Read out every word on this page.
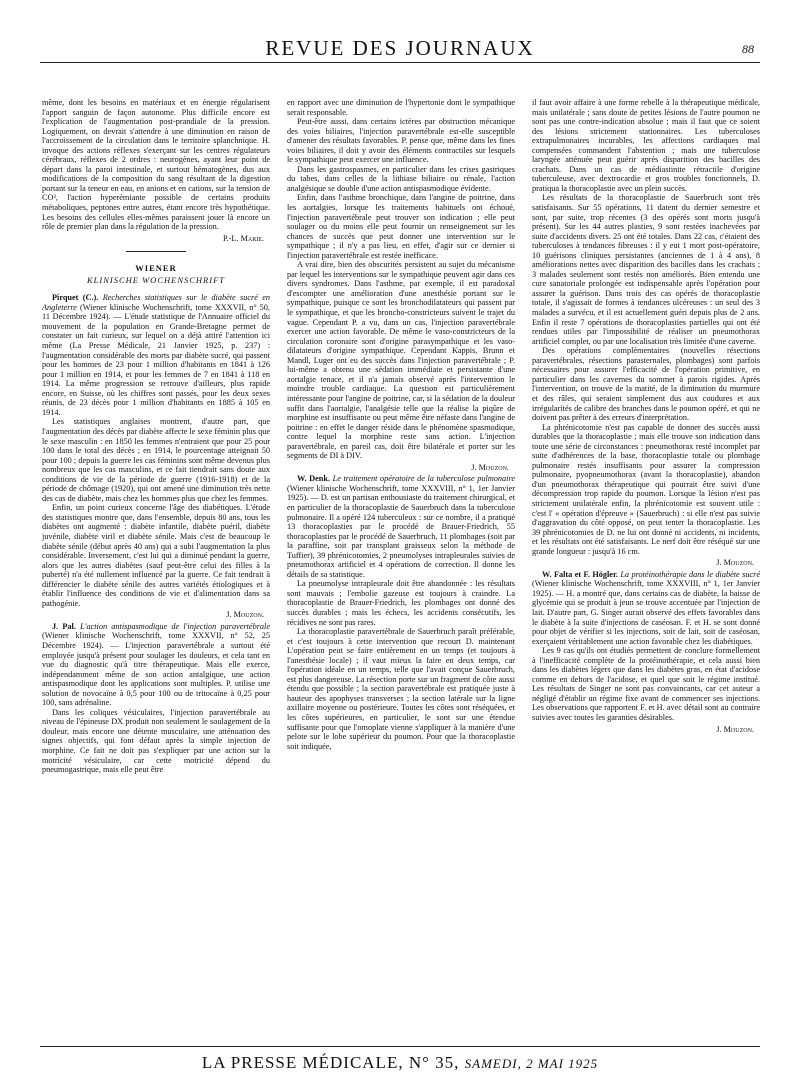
REVUE DES JOURNAUX	88

même, dont les besoins en matériaux et en énergie régularisent l'apport sanguin de façon autonome. Plus difficile encore est l'explication de l'augmentation post-prandiale de la pression. Logiquement, on devrait s'attendre à une diminution en raison de l'accroissement de la circulation dans le territoire splanchnique. H. invoque des actions réflexes s'exerçant sur les centres régulateurs cérébraux, réflexes de 2 ordres : neurogènes, ayant leur point de départ dans la paroi intestinale, et surtout hématogènes, dus aux modifications de la composition du sang résultant de la digestion portant sur la teneur en eau, en anions et en cations, sur la tension de CO², l'action hyperémiante possible de certains produits métaboliques, peptones entre autres, étant encore très hypothétique. Les besoins des cellules elles-mêmes paraissent jouer là encore un rôle de premier plan dans la régulation de la pression.

P.-L. Marie.
WIENER
KLINISCHE WOCHENSCHRIFT

Pirquet (C.). Recherches statistiques sur le diabète sucré en Angleterre (Wiener klinische Wochenschrift, tome XXXVII, n° 50, 11 Décembre 1924). — L'étude statistique de l'Annuaire officiel du mouvement de la population en Grande-Bretagne permet de constater un fait curieux, sur lequel on a déjà attiré l'attention ici même (La Presse Médicale, 21 Janvier 1925, p. 237) : l'augmentation considérable des morts par diabète sucré, qui passent pour les hommes de 23 pour 1 million d'habitants en 1841 à 126 pour 1 million en 1914, et pour les femmes de 7 en 1841 à 118 en 1914. La même progression se retrouve d'ailleurs, plus rapide encore, en Suisse, où les chiffres sont passés, pour les deux sexes réunis, de 23 décès pour 1 million d'habitants en 1885 à 105 en 1914.

Les statistiques anglaises montrent, d'autre part, que l'augmentation des décès par diabète affecte le sexe féminin plus que le sexe masculin : en 1850 les femmes n'entraient que pour 25 pour 100 dans le total des décès ; en 1914, le pourcentage atteignait 50 pour 100 ; depuis la guerre les cas féminins sont même devenus plus nombreux que les cas masculins, et ce fait tiendrait sans doute aux conditions de vie de la période de guerre (1916-1918) et de la période de chômage (1920), qui ont amené une diminution très nette des cas de diabète, mais chez les hommes plus que chez les femmes.

Enfin, un point curieux concerne l'âge des diabétiques. L'étude des statistiques montre que, dans l'ensemble, depuis 80 ans, tous les diabètes ont augmenté : diabète infantile, diabète puéril, diabète juvénile, diabète viril et diabète sénile. Mais c'est de beaucoup le diabète sénile (début après 40 ans) qui a subi l'augmentation la plus considérable. Inversement, c'est lui qui a diminué pendant la guerre, alors que les autres diabètes (sauf peut-être celui des filles à la puberté) n'a été nullement influencé par la guerre. Ce fait tendrait à différencier le diabète sénile des autres variétés étiologiques et à établir l'influence des conditions de vie et d'alimentation dans sa pathogénie.

J. Mouzon.

J. Pal. L'action antispasmodique de l'injection paravertébrale (Wiener klinische Wochenschrift, tome XXXVII, n° 52, 25 Décembre 1924). — L'injection paravertébrale a surtout été employée jusqu'à présent pour soulager les douleurs, et cela tant en vue du diagnostic qu'à titre thérapeutique. Mais elle exerce, indépendamment même de son action antalgique, une action antispasmodique dont les applications sont multiples. P. utilise une solution de novocaïne à 0,5 pour 100 ou de tritocaïne à 0,25 pour 100, sans adrénaline.

Dans les coliques vésiculaires, l'injection paravertébrale au niveau de l'épineuse DX produit non seulement le soulagement de la douleur, mais encore une détente musculaire, une atténuation des signes objectifs, qui font défaut après la simple injection de morphine. Ce fait ne doit pas s'expliquer par une action sur la motricité vésiculaire, car cette motricité dépend du pneumogastrique, mais elle peut être

en rapport avec une diminution de l'hypertonie dont le sympathique serait responsable.

Peut-être aussi, dans certains ictères par obstruction mécanique des voies biliaires, l'injection paravertébrale est-elle susceptible d'amener des résultats favorables. P. pense que, même dans les fines voies biliaires, il doit y avoir des éléments contractiles sur lesquels le sympathique peut exercer une influence.

Dans les gastrospasmes, en particulier dans les crises gastriques du tabes, dans celles de la lithiase biliaire ou rénale, l'action analgésique se double d'une action antispasmodique évidente.

Enfin, dans l'asthme bronchique, dans l'angine de poitrine, dans les aortalgies, lorsque les traitements habituels ont échoué, l'injection paravertébrale peut trouver son indication ; elle peut soulager ou du moins elle peut fournir un renseignement sur les chances de succès que peut donner une intervention sur le sympathique ; il n'y a pas lieu, en effet, d'agir sur ce dernier si l'injection paravertébrale est restée inefficace.

A vrai dire, bien des obscurités persistent au sujet du mécanisme par lequel les interventions sur le sympathique peuvent agir dans ces divers syndromes. Dans l'asthme, par exemple, il est paradoxal d'escompter une amélioration d'une anesthésie portant sur le sympathique, puisque ce sont les bronchodilatateurs qui passent par le sympathique, et que les broncho-constricteurs suivent le trajet du vague. Cependant P. a vu, dans un cas, l'injection paravertébrale exercer une action favorable. De même le vaso-constricteurs de la circulation coronaire sont d'origine parasympathique et les vaso-dilatateurs d'origine sympathique. Cependant Kappis, Brunn et Mandl, Luger ont eu des succès dans l'injection paravertébrale ; P. lui-même a obtenu une sédation immédiate et persistante d'une aortalgie tenace, et il n'a jamais observé après l'intervention le moindre trouble cardiaque. La question est particulièrement intéressante pour l'angine de poitrine, car, si la sédation de la douleur suffit dans l'aortalgie, l'analgésie telle que la réalise la piqûre de morphine est insuffisante ou peut même être néfaste dans l'angine de poitrine : en effet le danger réside dans le phénomène spasmodique, contre lequel la morphine reste sans action. L'injection paravertébrale, en pareil cas, doit être bilatérale et porter sur les segments de DI à DIV.

J. Mouzon.

W. Denk. Le traitement opératoire de la tuberculose pulmonaire (Wiener klinische Wochenschrift, tome XXXVIII, n° 1, 1er Janvier 1925). — D. est un partisan enthousiaste du traitement chirurgical, et en particulier de la thoracoplastie de Sauerbruch dans la tuberculose pulmonaire. Il a opéré 124 tuberculeux : sur ce nombre, il a pratiqué 13 thoracoplasties par le procédé de Brauer-Friedrich, 55 thoracoplasties par le procédé de Sauerbruch, 11 plombages (soit par la paraffine, soit par transplant graisseux selon la méthode de Tuffier), 39 phrénicotomies, 2 pneumolyses intrapleurales suivies de pneumothorax artificiel et 4 opérations de correction. Il donne les détails de sa statistique.

La pneumolyse intrapleurale doit être abandonnée : les résultats sont mauvais ; l'embolie gazeuse est toujours à craindre. La thoracoplastie de Brauer-Friedrich, les plombages ont donné des succès durables ; mais les échecs, les accidents consécutifs, les récidives ne sont pas rares.

La thoracoplastie paravertébrale de Sauerbruch paraît préférable, et c'est toujours à cette intervention que recourt D. maintenant L'opération peut se faire entièrement en un temps (et toujours à l'anesthésie locale) ; il vaut mieux la faire en deux temps, car l'opération idéale en un temps, telle que l'avait conçue Sauerbruch, est plus dangereuse. La résection porte sur un fragment de côte aussi étendu que possible ; la section paravertébrale est pratiquée juste à hauteur des apophyses transverses ; la section latérale sur la ligne axillaire moyenne ou postérieure. Toutes les côtes sont réséquées, et les côtes supérieures, en particulier, le sont sur une étendue suffisante pour que l'omoplate vienne s'appliquer à la manière d'une pelote sur le lobe supérieur du poumon. Pour que la thoracoplastie soit indiquée,

il faut avoir affaire à une forme rebelle à la thérapeutique médicale, mais unilatérale ; sans doute de petites lésions de l'autre poumon ne sont pas une contre-indication absolue ; mais il faut que ce soient des lésions strictement stationnaires. Les tuberculoses extrapulmonaires incurables, les affections cardiaques mal compensées commandent l'abstention ; mais une tuberculose laryngée atténuée peut guérir après disparition des bacilles des crachats. Dans un cas de médiastinite rétractile d'origine tuberculeuse, avec dextrocardie et gros troubles fonctionnels, D. pratiqua la thoracoplastie avec un plein succès.

Les résultats de la thoracoplastie de Sauerbruch sont très satisfaisants. Sur 55 opérations, 11 datent du dernier semestre et sont, par suite, trop récentes (3 des opérés sont morts jusqu'à présent). Sur les 44 autres plasties, 9 sont restées inachevées par suite d'accidents divers. 25 ont été totales. Dans 22 cas, c'étaient des tuberculoses à tendances fibreuses : il y eut 1 mort post-opératoire, 10 guérisons cliniques persistantes (anciennes de 1 à 4 ans), 8 améliorations nettes avec disparition des bacilles dans les crachats ; 3 malades seulement sont restés non améliorés. Bien entendu une cure sanatoriale prolongée est indispensable après l'opération pour assurer la guérison. Dans trois des cas opérés de thoracoplastie totale, il s'agissait de formes à tendances ulcéreuses : un seul des 3 malades a survécu, et il est actuellement guéri depuis plus de 2 ans. Enfin il reste 7 opérations de thoracoplasties partielles qui ont été rendues utiles par l'impossibilité de réaliser un pneumothorax artificiel complet, ou par une localisation très limitée d'une caverne.

Des opérations complémentaires (nouvelles résections paravertébrales, résections parasternales, plombages) sont parfois nécessaires pour assurer l'efficacité de l'opération primitive, en particulier dans les cavernes du sommet à parois rigides. Après l'intervention, on trouve de la matité, de la diminution du murmure et des râles, qui seraient simplement dus aux coudures et aux irrégularités de calibre des branches dans le poumon opéré, et qui ne doivent pas prêter à des erreurs d'interprétation.

La phrénicotomie n'est pas capable de donner des succès aussi durables que la thoracoplastie ; mais elle trouve son indication dans toute une série de circonstances : pneumothorax resté incomplet par suite d'adhérences de la base, thoracoplastie totale ou plombage pulmonaire restés insuffisants pour assurer la compression pulmonaire, pyopneumothorax (avant la thoracoplastie), abandon d'un pneumothorax thérapeutique qui pourrait être suivi d'une décompression trop rapide du poumon. Lorsque la lésion n'est pas strictement unilatérale enfin, la phrénicotomie est souvent utile : c'est l' « opération d'épreuve » (Sauerbruch) : si elle n'est pas suivie d'aggravation du côté opposé, on peut tenter la thoracoplastie. Les 39 phrénicotomies de D. ne lui ont donné ni accidents, ni incidents, et les résultats ont été satisfaisants. Le nerf doit être réséqué sur une grande longueur : jusqu'à 16 cm.

J. Mouzon.

W. Falta et F. Högler. La protéinothérapie dans le diabète sucré (Wiener klinische Wochenschrift, tome XXXVIII, n° 1, 1er Janvier 1925). — H. a montré que, dans certains cas de diabète, la baisse de glycémie qui se produit à jeun se trouve accentuée par l'injection de lait. D'autre part, G. Singer aurait observé des effets favorables dans le diabète à la suite d'injections de caséosan. F. et H. se sont donné pour objet de vérifier si les injections, soit de lait, soit de caséosan, exerçaient véritablement une action favorable chez les diabétiques.

Les 9 cas qu'ils ont étudiés permettent de conclure formellement à l'inefficacité complète de la protéinothérapie, et cela aussi bien dans les diabètes légers que dans les diabètes gras, en état d'acidose comme en dehors de l'acidose, et quel que soit le régime institué. Les résultats de Singer ne sont pas convaincants, car cet auteur a négligé d'établir un régime fixe avant de commencer ses injections. Les observations que rapportent F. et H. avec détail sont au contraire suivies avec toutes les garanties désirables.

J. Mouzon.
LA PRESSE MÉDICALE, N° 35, SAMEDI, 2 MAI 1925
